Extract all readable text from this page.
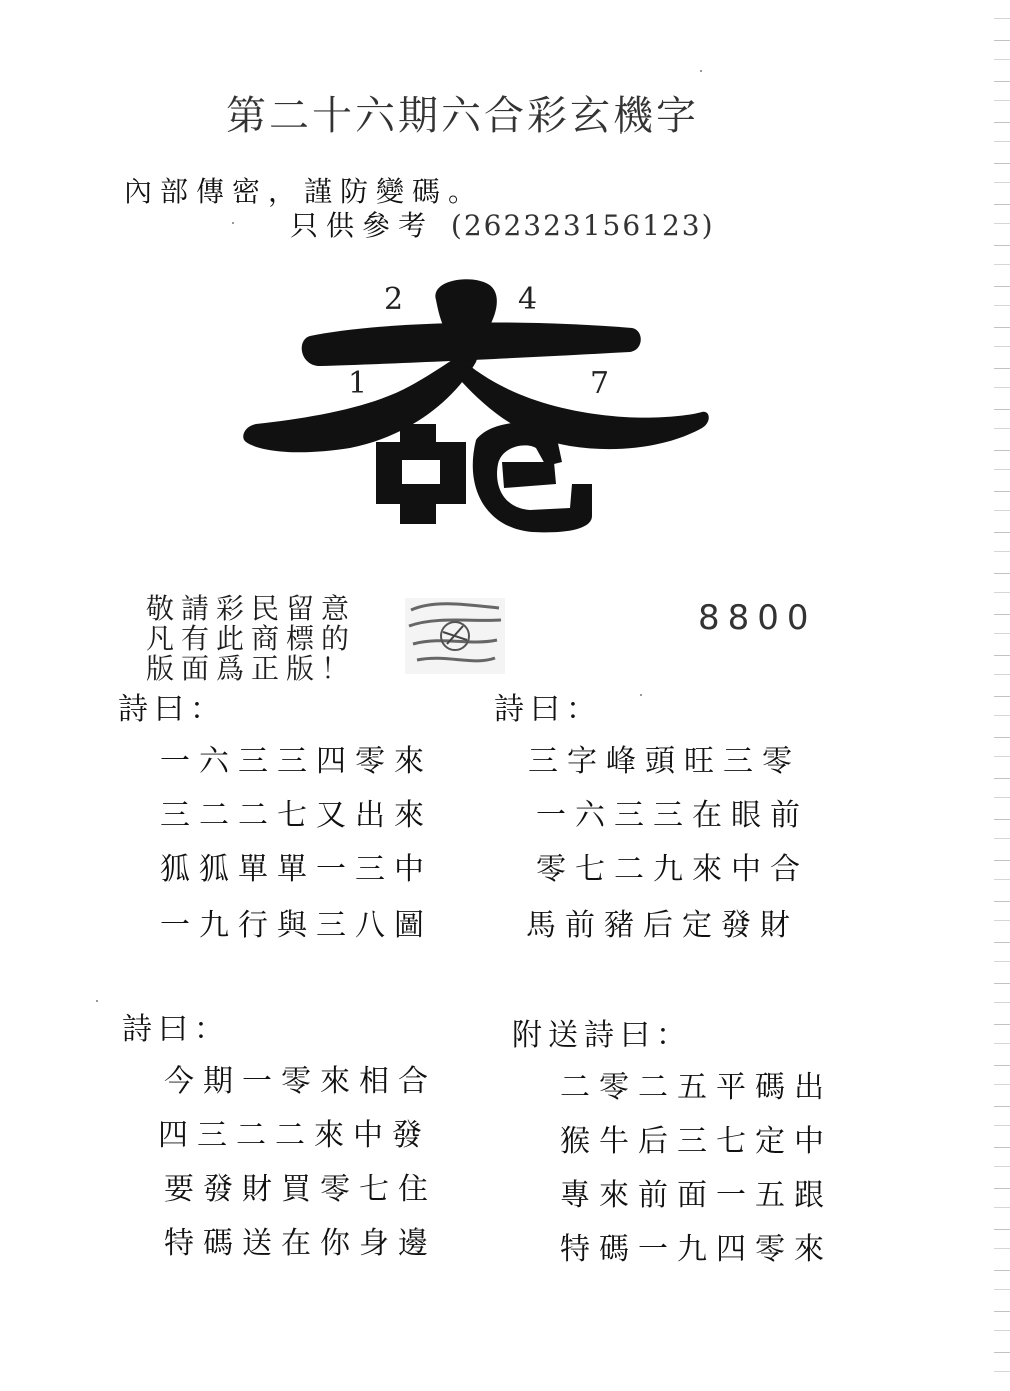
第二十六期六合彩玄機字
內部傳密，謹防變碼。
只供參考 (262323156123)
2	4
1	7
敬請彩民留意
凡有此商標的
版面爲正版！
8800
詩曰：
一六三三四零來
三二二七又出來
狐狐單單一三中
一九行與三八圖
詩曰：
三字峰頭旺三零
一六三三在眼前
零七二九來中合
馬前豬后定發財
詩曰：
今期一零來相合
四三二二來中發
要發財買零七住
特碼送在你身邊
附送詩曰：
二零二五平碼出
猴牛后三七定中
專來前面一五跟
特碼一九四零來
